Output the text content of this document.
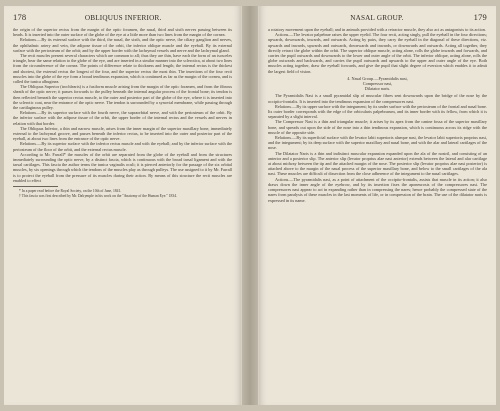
178	OBLIQUUS INFERIOR.

the origin of the superior rectus from the margin of the optic foramen, the nasal, third and sixth nerves passing between its heads. It is inserted into the outer surface of the globe of the eye at a little more than two lines from the margin of the cornea.

Relations.—By its external surface with the third, the nasal, the sixth, and the optic nerve, the ciliary ganglion and nerves, the ophthalmic artery and vein, the adipose tissue of the orbit, the inferior oblique muscle and the eyeball. By its external surface with the periosteum of the orbit; and by the upper border with the lachrymal vessels and nerve and the lachrymal gland.

The recti muscles present several characters which are common to all; thus they are thin, have each the form of an isosceles triangle, bear the same relation to the globe of the eye, and are inserted in a similar manner into the sclerotica, at about two lines from the circumference of the cornea. The points of difference relate to thickness and length; the internal rectus is the thickest and shortest, the external rectus the longest of the four, and the superior rectus the most thin. The insertions of the four recti muscles into the globe of the eye form a broad tendinous expansion, which is continued as far as the margin of the cornea, and is called the tunica albuginea.

The Obliquus Superior (trochlearis) is a fusiform muscle arising from the margin of the optic foramen, and from the fibrous sheath of the optic nerve; it passes forwards to the pulley beneath the internal angular process of the frontal bone; its tendon is then reflected beneath the superior rectus muscle, to the outer and posterior part of the globe of the eye, where it is inserted into the sclerotic coat, near the entrance of the optic nerve. The tendon is surrounded by a synovial membrane, while passing through the cartilaginous pulley.

Relations.—By its superior surface with the fourth nerve, the supraorbital nerve, and with the periosteum of the orbit. By the inferior surface with the adipose tissue of the orbit, the upper border of the internal rectus and the vessels and nerves in relation with that border.

The Obliquus Inferior, a thin and narrow muscle, arises from the inner margin of the superior maxillary bone, immediately external to the lachrymal groove, and passes beneath the inferior rectus, to be inserted into the outer and posterior part of the eyeball, at about two lines from the entrance of the optic nerve.

Relations.—By its superior surface with the inferior rectus muscle and with the eyeball; and by the inferior surface with the periosteum of the floor of the orbit, and the external rectus muscle.

According to Mr. Farrall* the muscles of the orbit are separated from the globe of the eyeball and from the structures immediately surrounding the optic nerve, by a distinct fascia, which is continuous with the broad tarsal ligament and with the tarsal cartilages. This fascia the author terms the tunica vaginalis oculi; it is pierced anteriorly for the passage of the six orbital muscles, by six openings through which the tendons of the muscles play as through pulleys. The use assigned to it by Mr. Farrall is to protect the eyeball from the pressure of its muscles during their action. By means of this structure the recti muscles are enabled to effect

* In a paper read before the Royal Society, on the 10th of June, 1841.

† This fascia was first described by Mr. Dalrymple in his work on the "Anatomy of the Human Eye." 1834.

NASAL GROUP.	179

a rotatory movement upon the eyeball; and in animals provided with a retractor muscle, they also act as antagonists to its action.

Actions.—The levator palpebrae raises the upper eyelid. The four recti, acting singly, pull the eyeball in the four directions; upwards, downwards, inwards, and outwards. Acting by pairs, they carry the eyeball in the diagonal of these directions, viz. upwards and inwards, upwards and outwards, downwards and inwards, or downwards and outwards. Acting all together, they directly retract the globe within the orbit. The superior oblique muscle, acting alone, rolls the globe inwards and forwards, and carries the pupil outwards and downwards to the lower and outer angle of the orbit. The inferior oblique, acting alone, rolls the globe outwards and backwards, and carries the pupil outwards and upwards to the upper and outer angle of the eye. Both muscles acting together, draw the eyeball forwards, and give the pupil that slight degree of eversion which enables it to admit the largest field of vision.

4. Nasal Group.—Pyramidalis nasi,

Compressor nasi,

Dilatator naris.

The Pyramidalis Nasi is a small pyramidal slip of muscular fibres sent downwards upon the bridge of the nose by the occipito-frontalis. It is inserted into the tendinous expansion of the compressores nasi.

Relations.—By its upper surface with the integument; by its under surface with the periosteum of the frontal and nasal bone. Its outer border corresponds with the edge of the orbicularis palpebrarum, and its inner border with its fellow, from which it is separated by a slight interval.

The Compressor Nasi is a thin and triangular muscle; it arises by its apex from the canine fossa of the superior maxillary bone, and spreads out upon the side of the nose into a thin tendinous expansion, which is continuous across its ridge with the muscle of the opposite side.

Relations.—By its superficial surface with the levator labii superioris alaeque nasi, the levator labii superioris proprius nasi, and the integument; by its deep surface with the superior maxillary and nasal bone, and with the alar and lateral cartilages of the nose.

The Dilatator Naris is a thin and indistinct muscular expansion expanded upon the ala of the nostril, and consisting of an anterior and a posterior slip. The anterior slip (levator proprius alae nasi anterior) extends between the lateral and alar cartilage at about midway between the tip and the attached margin of the nose. The posterior slip (levator proprius alae nasi posterior) is attached above to the margin of the nasal process of the superior maxillary bone, and below to the small cartilages of the ala nasi. These muscles are difficult of dissection from the close adherence of the integument to the nasal cartilages.

Actions.—The pyramidalis nasi, as a point of attachment of the occipito-frontalis, assists that muscle in its action; it also draws down the inner angle of the eyebrow, and by its insertion fixes the aponeurosis of the compressores nasi. The compressores nasi appear to act in expanding rather than in compressing the nares; hence probably the compressed state of the nares from paralysis of these muscles in the last moments of life, or in compression of the brain. The use of the dilatator naris is expressed in its name.
